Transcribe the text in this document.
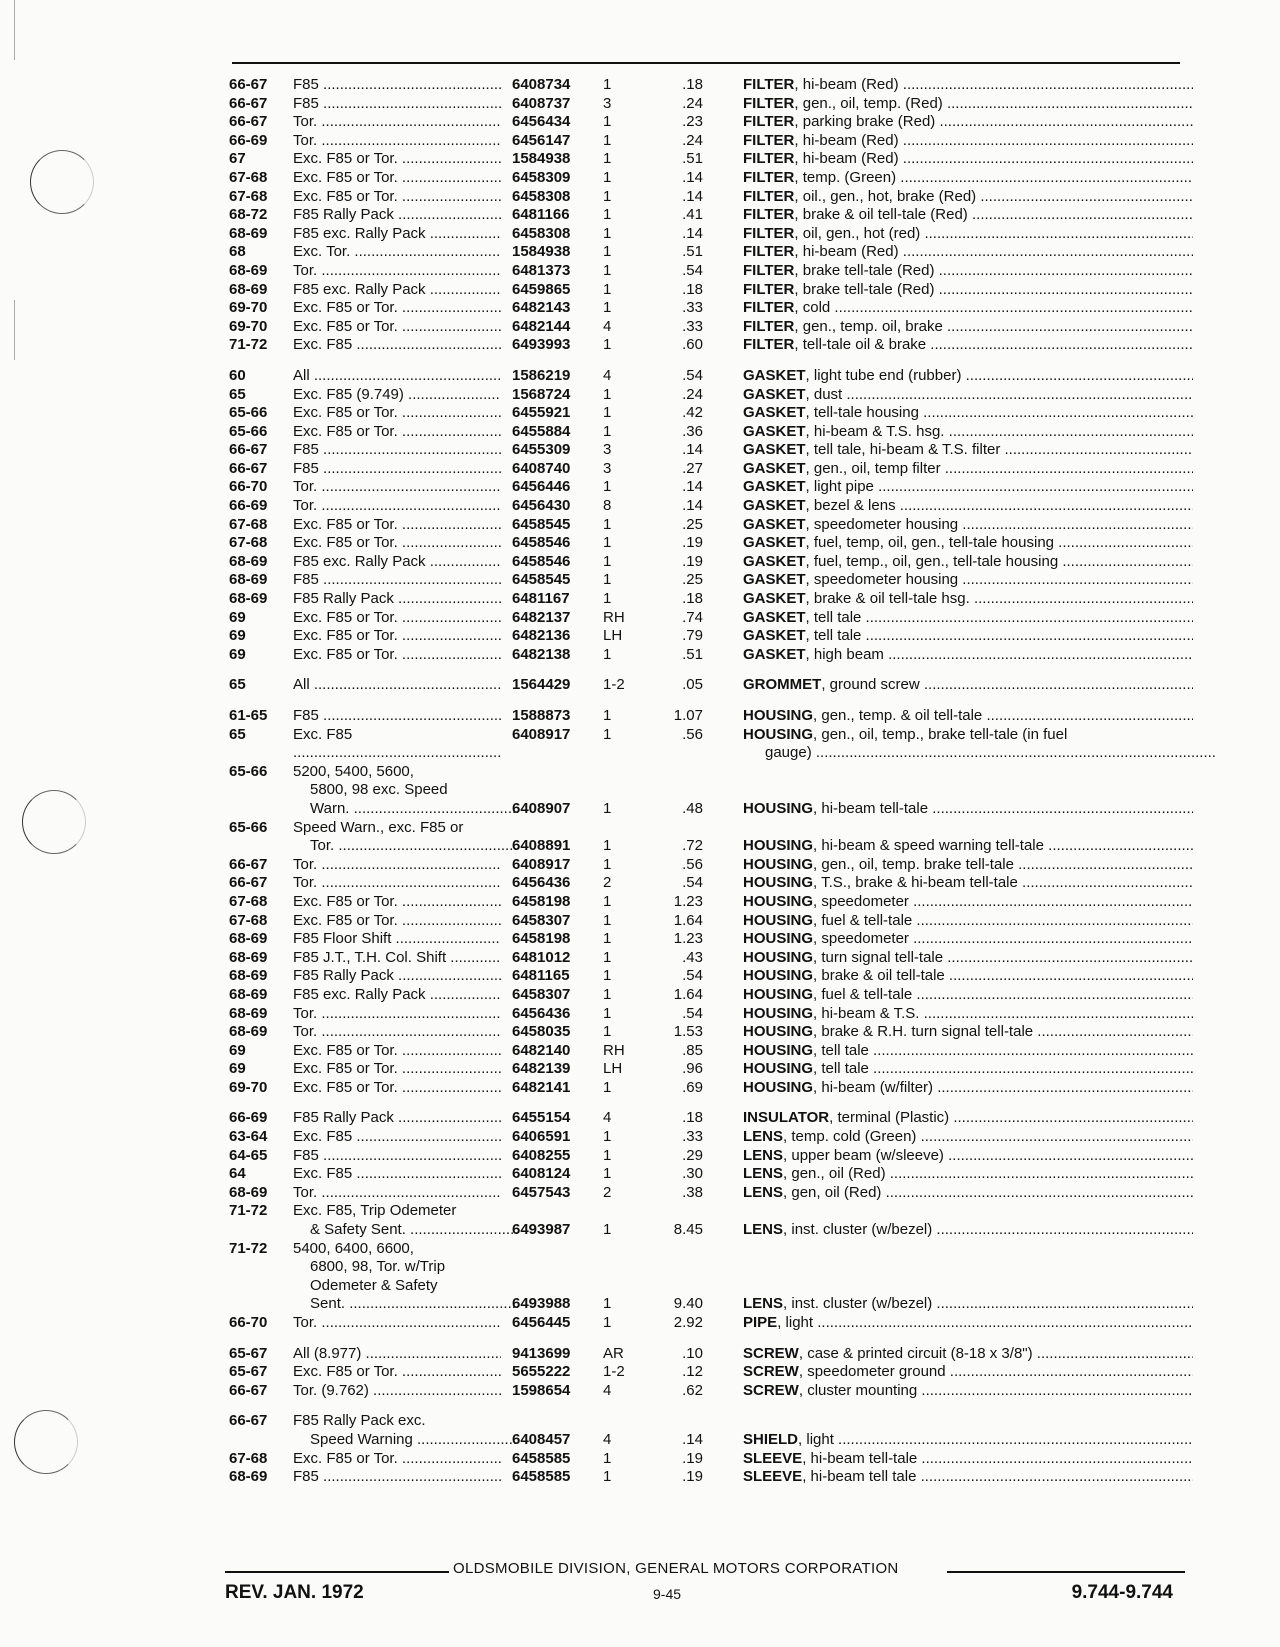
66-67	F85 .....	6408734 1	.18	FILTER, hi-beam (Red) .....
66-67	F85 .....	6408737 3	.24	FILTER, gen., oil, temp. (Red) .....
66-67	Tor. .....	6456434 1	.23	FILTER, parking brake (Red) .....
66-69	Tor. .....	6456147 1	.24	FILTER, hi-beam (Red) .....
67	Exc. F85 or Tor. .....	1584938 1	.51	FILTER, hi-beam (Red) .....
67-68	Exc. F85 or Tor. .....	6458309 1	.14	FILTER, temp. (Green) .....
67-68	Exc. F85 or Tor. .....	6458308 1	.14	FILTER, oil., gen., hot, brake (Red) .....
68-72	F85 Rally Pack .....	6481166 1	.41	FILTER, brake & oil tell-tale (Red) .....
68-69	F85 exc. Rally Pack .....	6458308 1	.14	FILTER, oil, gen., hot (red) .....
68	Exc. Tor. .....	1584938 1	.51	FILTER, hi-beam (Red) .....
68-69	Tor. .....	6481373 1	.54	FILTER, brake tell-tale (Red) .....
68-69	F85 exc. Rally Pack .....	6459865 1	.18	FILTER, brake tell-tale (Red) .....
69-70	Exc. F85 or Tor. .....	6482143 1	.33	FILTER, cold .....
69-70	Exc. F85 or Tor. .....	6482144 4	.33	FILTER, gen., temp. oil, brake .....
71-72	Exc. F85 .....	6493993 1	.60	FILTER, tell-tale oil & brake .....
60	All .....	1586219 4	.54	GASKET, light tube end (rubber) .....
65	Exc. F85 (9.749) .....	1568724 1	.24	GASKET, dust .....
65-66	Exc. F85 or Tor. .....	6455921 1	.42	GASKET, tell-tale housing .....
65-66	Exc. F85 or Tor. .....	6455884 1	.36	GASKET, hi-beam & T.S. hsg. .....
66-67	F85 .....	6455309 3	.14	GASKET, tell tale, hi-beam & T.S. filter .....
66-67	F85 .....	6408740 3	.27	GASKET, gen., oil, temp filter .....
66-70	Tor. .....	6456446 1	.14	GASKET, light pipe .....
66-69	Tor. .....	6456430 8	.14	GASKET, bezel & lens .....
67-68	Exc. F85 or Tor. .....	6458545 1	.25	GASKET, speedometer housing .....
67-68	Exc. F85 or Tor. .....	6458546 1	.19	GASKET, fuel, temp, oil, gen., tell-tale housing .....
68-69	F85 exc. Rally Pack .....	6458546 1	.19	GASKET, fuel, temp., oil, gen., tell-tale housing .....
68-69	F85 .....	6458545 1	.25	GASKET, speedometer housing .....
68-69	F85 Rally Pack .....	6481167 1	.18	GASKET, brake & oil tell-tale hsg. .....
69	Exc. F85 or Tor. .....	6482137 RH	.74	GASKET, tell tale .....
69	Exc. F85 or Tor. .....	6482136 LH	.79	GASKET, tell tale .....
69	Exc. F85 or Tor. .....	6482138 1	.51	GASKET, high beam .....
65	All .....	1564429 1-2	.05	GROMMET, ground screw .....
61-65	F85 .....	1588873 1	1.07	HOUSING, gen., temp. & oil tell-tale .....
65	Exc. F85	6408917 1	.56	HOUSING, gen., oil, temp., brake tell-tale (in fuel
.....
gauge) .....
65-66	5200, 5400, 5600,
5800, 98 exc. Speed
Warn. .....	6408907 1	.48	HOUSING, hi-beam tell-tale .....
65-66	Speed Warn., exc. F85 or
Tor. .....	6408891 1	.72	HOUSING, hi-beam & speed warning tell-tale .....
66-67	Tor. .....	6408917 1	.56	HOUSING, gen., oil, temp. brake tell-tale .....
66-67	Tor. .....	6456436 2	.54	HOUSING, T.S., brake & hi-beam tell-tale .....
67-68	Exc. F85 or Tor. .....	6458198 1	1.23	HOUSING, speedometer .....
67-68	Exc. F85 or Tor. .....	6458307 1	1.64	HOUSING, fuel & tell-tale .....
68-69	F85 Floor Shift .....	6458198 1	1.23	HOUSING, speedometer .....
68-69	F85 J.T., T.H. Col. Shift .....	6481012 1	.43	HOUSING, turn signal tell-tale .....
68-69	F85 Rally Pack .....	6481165 1	.54	HOUSING, brake & oil tell-tale .....
68-69	F85 exc. Rally Pack .....	6458307 1	1.64	HOUSING, fuel & tell-tale .....
68-69	Tor. .....	6456436 1	.54	HOUSING, hi-beam & T.S. .....
68-69	Tor. .....	6458035 1	1.53	HOUSING, brake & R.H. turn signal tell-tale .....
69	Exc. F85 or Tor. .....	6482140 RH	.85	HOUSING, tell tale .....
69	Exc. F85 or Tor. .....	6482139 LH	.96	HOUSING, tell tale .....
69-70	Exc. F85 or Tor. .....	6482141 1	.69	HOUSING, hi-beam (w/filter) .....
66-69	F85 Rally Pack .....	6455154 4	.18	INSULATOR, terminal (Plastic) .....
63-64	Exc. F85 .....	6406591 1	.33	LENS, temp. cold (Green) .....
64-65	F85 .....	6408255 1	.29	LENS, upper beam (w/sleeve) .....
64	Exc. F85 .....	6408124 1	.30	LENS, gen., oil (Red) .....
68-69	Tor. .....	6457543 2	.38	LENS, gen, oil (Red) .....
71-72	Exc. F85, Trip Odemeter
& Safety Sent. .....	6493987 1	8.45	LENS, inst. cluster (w/bezel) .....
71-72	5400, 6400, 6600,
6800, 98, Tor. w/Trip
Odemeter & Safety
Sent. .....	6493988 1	9.40	LENS, inst. cluster (w/bezel) .....
66-70	Tor. .....	6456445 1	2.92	PIPE, light .....
65-67	All (8.977) .....	9413699 AR	.10	SCREW, case & printed circuit (8-18 x 3/8") .....
65-67	Exc. F85 or Tor. .....	5655222 1-2	.12	SCREW, speedometer ground .....
66-67	Tor. (9.762) .....	1598654 4	.62	SCREW, cluster mounting .....
66-67	F85 Rally Pack exc.
Speed Warning .....	6408457 4	.14	SHIELD, light .....
67-68	Exc. F85 or Tor. .....	6458585 1	.19	SLEEVE, hi-beam tell-tale .....
68-69	F85 .....	6458585 1	.19	SLEEVE, hi-beam tell tale .....
OLDSMOBILE DIVISION, GENERAL MOTORS CORPORATION
REV. JAN. 1972	9-45	9.744-9.744
